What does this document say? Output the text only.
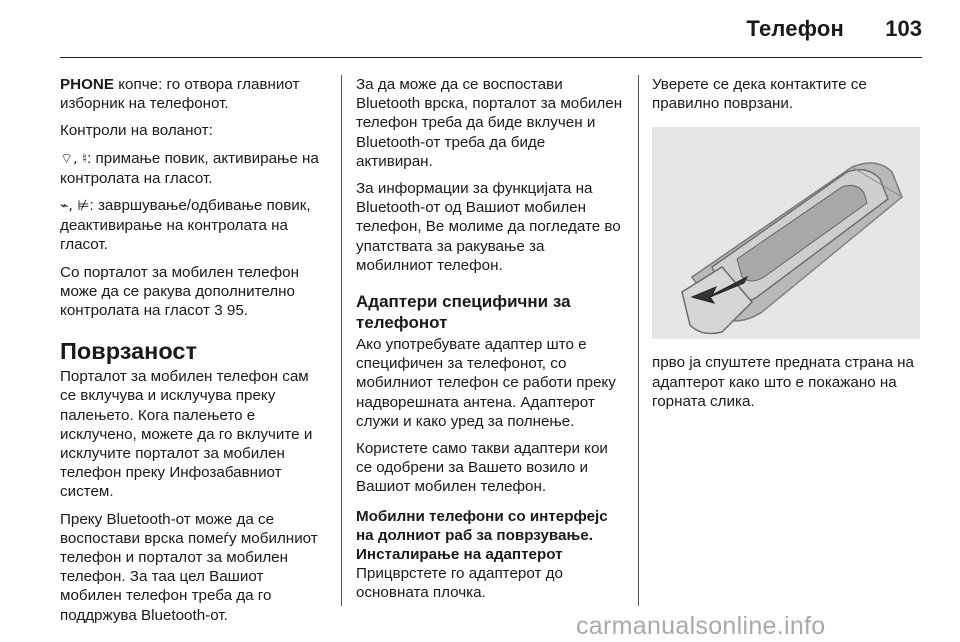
Телефон 103

PHONE копче: го отвора главниот изборник на телефонот.

Контроли на воланот:

⌔, ♮: примање повик, активирање на контролата на гласот.

⌁, ⊭: завршување/одбивање повик, деактивирање на контролата на гласот.

Со порталот за мобилен телефон може да се ракува дополнително контролата на гласот 3 95.

Поврзаност

Порталот за мобилен телефон сам се вклучува и исклучува преку палењето. Кога палењето е исклучено, можете да го вклучите и исклучите порталот за мобилен телефон преку Инфозабавниот систем.

Преку Bluetooth-от може да се воспостави врска помеѓу мобилниот телефон и порталот за мобилен телефон. За таа цел Вашиот мобилен телефон треба да го поддржува Bluetooth-от.

За да може да се воспостави Bluetooth врска, порталот за мобилен телефон треба да биде вклучен и Bluetooth-от треба да биде активиран.

За информации за функцијата на Bluetooth-от од Вашиот мобилен телефон, Ве молиме да погледате во упатствата за ракување за мобилниот телефон.

Адаптери специфични за телефонот

Ако употребувате адаптер што е специфичен за телефонот, со мобилниот телефон се работи преку надворешната антена. Адаптерот служи и како уред за полнење.

Користете само такви адаптери кои се одобрени за Вашето возило и Вашиот мобилен телефон.

Мобилни телефони со интерфејс на долниот раб за поврзување.
Инсталирање на адаптерот

Прицврстете го адаптерот до основната плочка.

Уверете се дека контактите се правилно поврзани.

прво ја спуштете предната страна на адаптерот како што е покажано на горната слика.

carmanualsonline.info
